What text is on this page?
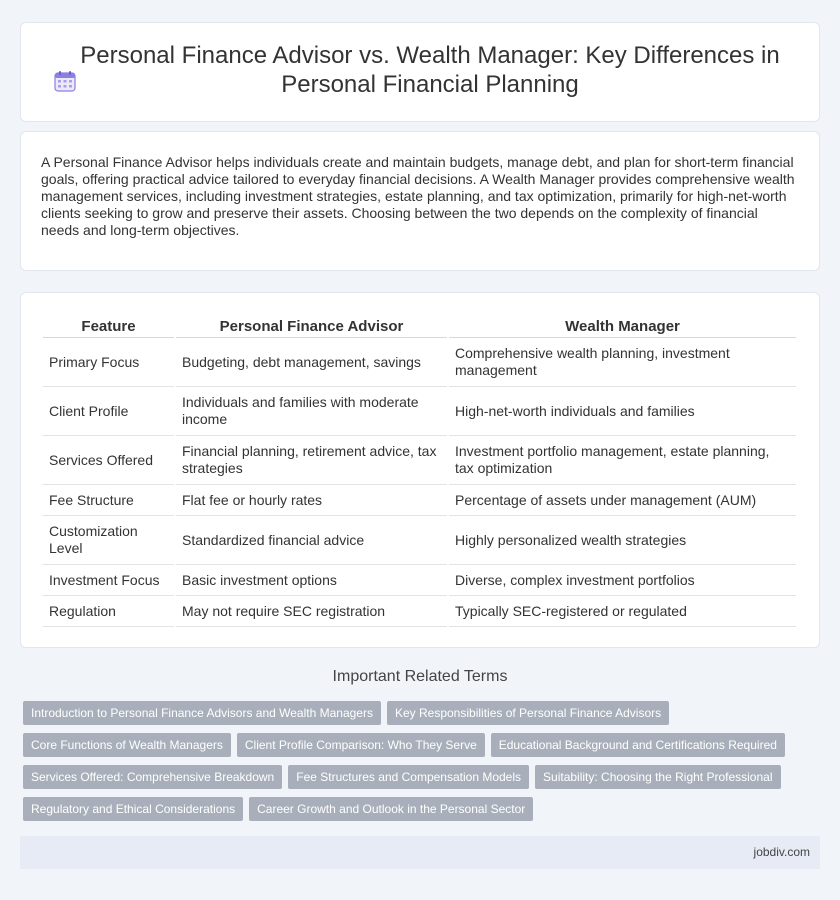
Personal Finance Advisor vs. Wealth Manager: Key Differences in Personal Financial Planning

A Personal Finance Advisor helps individuals create and maintain budgets, manage debt, and plan for short-term financial goals, offering practical advice tailored to everyday financial decisions. A Wealth Manager provides comprehensive wealth management services, including investment strategies, estate planning, and tax optimization, primarily for high-net-worth clients seeking to grow and preserve their assets. Choosing between the two depends on the complexity of financial needs and long-term objectives.

Feature	Personal Finance Advisor	Wealth Manager
Primary Focus	Budgeting, debt management, savings	Comprehensive wealth planning, investment management
Client Profile	Individuals and families with moderate income	High-net-worth individuals and families
Services Offered	Financial planning, retirement advice, tax strategies	Investment portfolio management, estate planning, tax optimization
Fee Structure	Flat fee or hourly rates	Percentage of assets under management (AUM)
Customization Level	Standardized financial advice	Highly personalized wealth strategies
Investment Focus	Basic investment options	Diverse, complex investment portfolios
Regulation	May not require SEC registration	Typically SEC-registered or regulated
Important Related Terms
Introduction to Personal Finance Advisors and Wealth Managers	Key Responsibilities of Personal Finance Advisors
Core Functions of Wealth Managers	Client Profile Comparison: Who They Serve	Educational Background and Certifications Required
Services Offered: Comprehensive Breakdown	Fee Structures and Compensation Models	Suitability: Choosing the Right Professional
Regulatory and Ethical Considerations	Career Growth and Outlook in the Personal Sector
jobdiv.com
